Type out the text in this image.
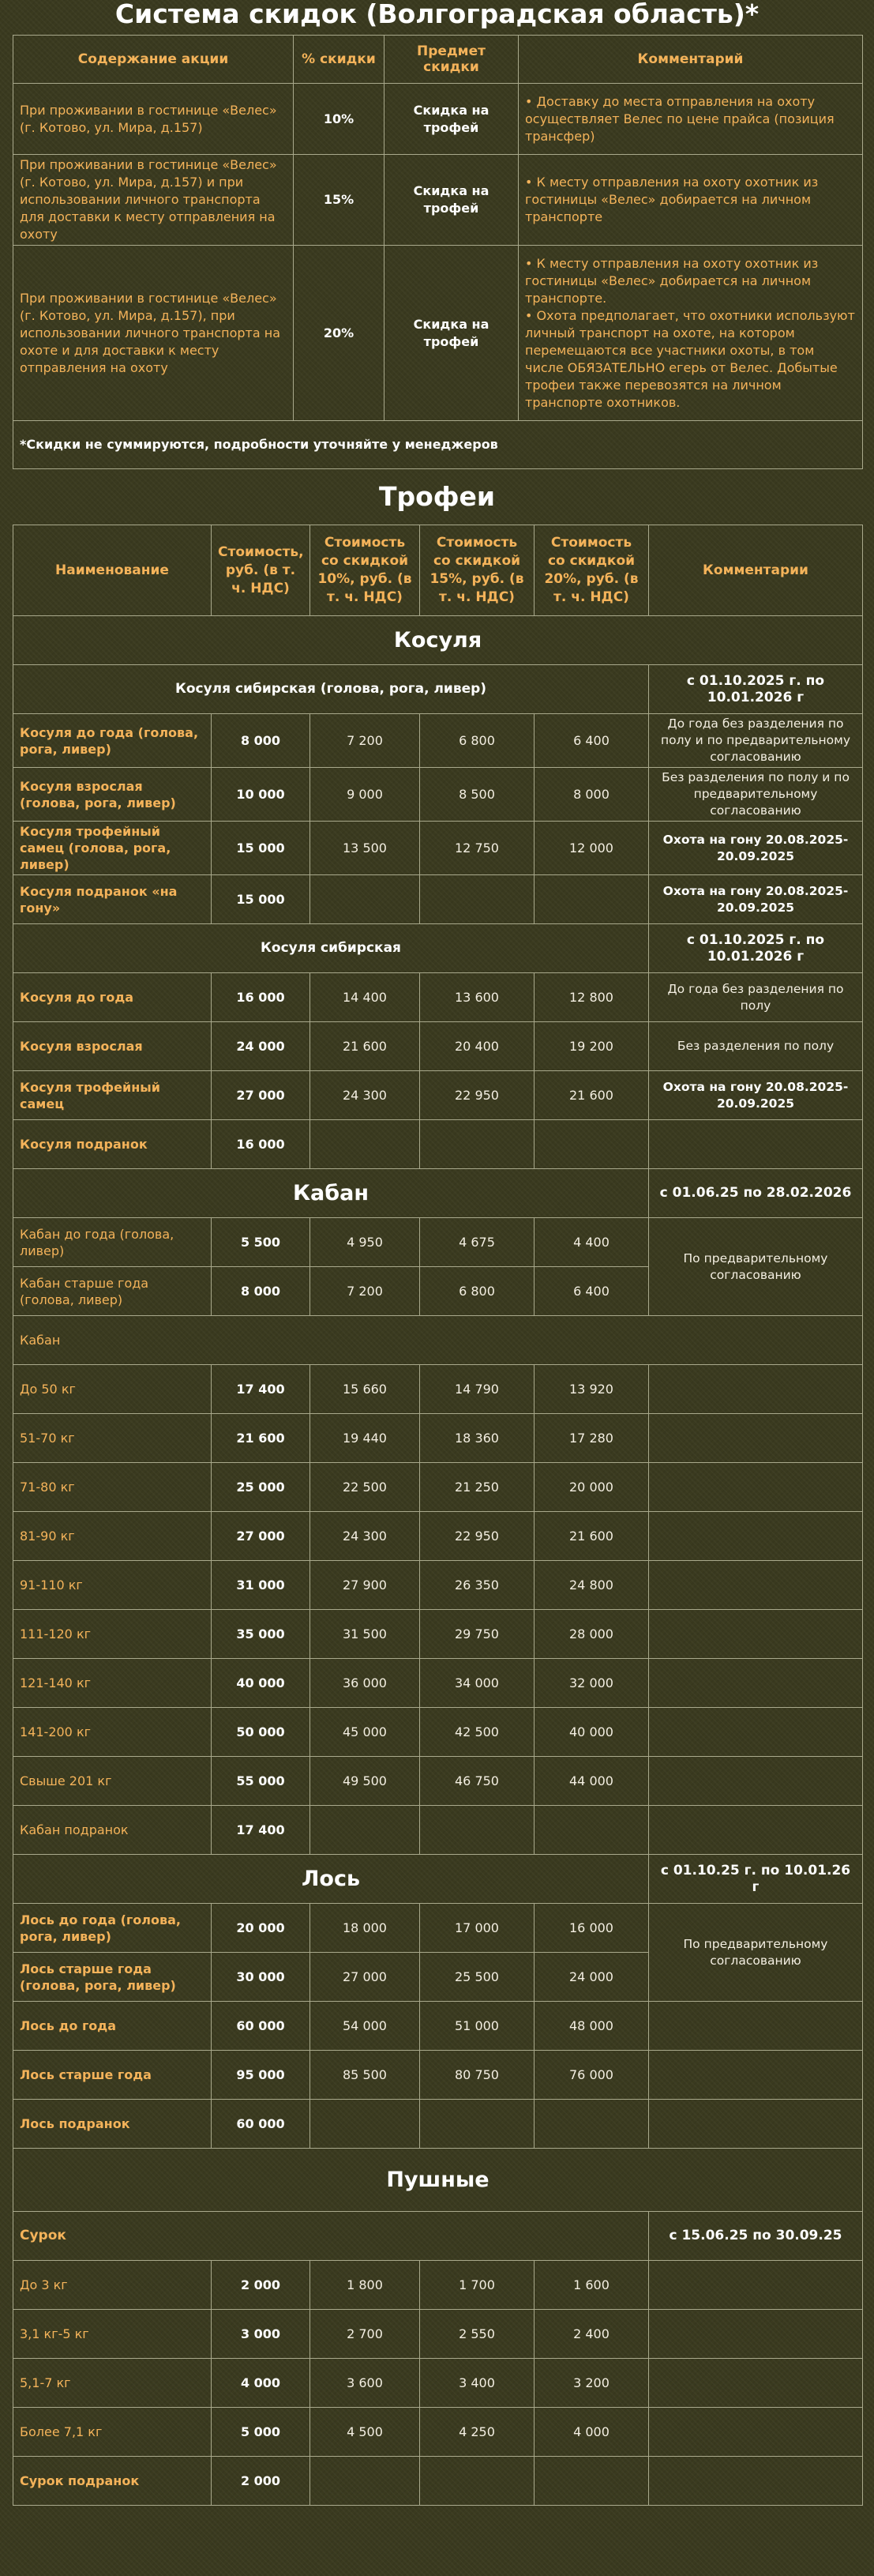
Система скидок (Волгоградская область)*
Содержание акции	% скидки	Предмет скидки	Комментарий
При проживании в гостинице «Велес» (г. Котово, ул. Мира, д.157)	10%	Скидка на трофей	• Доставку до места отправления на охоту осуществляет Велес по цене прайса (позиция трансфер)
При проживании в гостинице «Велес» (г. Котово, ул. Мира, д.157) и при использовании личного транспорта для доставки к месту отправления на охоту	15%	Скидка на трофей	• К месту отправления на охоту охотник из гостиницы «Велес» добирается на личном транспорте
При проживании в гостинице «Велес» (г. Котово, ул. Мира, д.157), при использовании личного транспорта на охоте и для доставки к месту отправления на охоту	20%	Скидка на трофей	• К месту отправления на охоту охотник из гостиницы «Велес» добирается на личном транспорте.
• Охота предполагает, что охотники используют личный транспорт на охоте, на котором перемещаются все участники охоты, в том числе ОБЯЗАТЕЛЬНО егерь от Велес. Добытые трофеи также перевозятся на личном транспорте охотников.
*Скидки не суммируются, подробности уточняйте у менеджеров			
Трофеи
Наименование	Стоимость, руб. (в т. ч. НДС)	Стоимость со скидкой 10%, руб. (в т. ч. НДС)	Стоимость со скидкой 15%, руб. (в т. ч. НДС)	Стоимость со скидкой 20%, руб. (в т. ч. НДС)	Комментарии
Косуля					
Косуля сибирская (голова, рога, ливер)					с 01.10.2025 г. по 10.01.2026 г
Косуля до года (голова, рога, ливер)	8 000	7 200	6 800	6 400	До года без разделения по полу и по предварительному согласованию
Косуля взрослая (голова, рога, ливер)	10 000	9 000	8 500	8 000	Без разделения по полу и по предварительному согласованию
Косуля трофейный самец (голова, рога, ливер)	15 000	13 500	12 750	12 000	Охота на гону 20.08.2025-20.09.2025
Косуля подранок «на гону»	15 000				Охота на гону 20.08.2025-20.09.2025
Косуля сибирская					с 01.10.2025 г. по 10.01.2026 г
Косуля до года	16 000	14 400	13 600	12 800	До года без разделения по полу
Косуля взрослая	24 000	21 600	20 400	19 200	Без разделения по полу
Косуля трофейный самец	27 000	24 300	22 950	21 600	Охота на гону 20.08.2025-20.09.2025
Косуля подранок	16 000				
Кабан					с 01.06.25 по 28.02.2026
Кабан до года (голова, ливер)	5 500	4 950	4 675	4 400	По предварительному согласованию
Кабан старше года (голова, ливер)	8 000	7 200	6 800	6 400	
Кабан					
До 50 кг	17 400	15 660	14 790	13 920	
51-70 кг	21 600	19 440	18 360	17 280	
71-80 кг	25 000	22 500	21 250	20 000	
81-90 кг	27 000	24 300	22 950	21 600	
91-110 кг	31 000	27 900	26 350	24 800	
111-120 кг	35 000	31 500	29 750	28 000	
121-140 кг	40 000	36 000	34 000	32 000	
141-200 кг	50 000	45 000	42 500	40 000	
Свыше 201 кг	55 000	49 500	46 750	44 000	
Кабан подранок	17 400				
Лось					с 01.10.25 г. по 10.01.26 г
Лось до года (голова, рога, ливер)	20 000	18 000	17 000	16 000	По предварительному согласованию
Лось старше года (голова, рога, ливер)	30 000	27 000	25 500	24 000	
Лось до года	60 000	54 000	51 000	48 000	
Лось старше года	95 000	85 500	80 750	76 000	
Лось подранок	60 000				
Пушные					
Сурок					с 15.06.25 по 30.09.25
До 3 кг	2 000	1 800	1 700	1 600	
3,1 кг-5 кг	3 000	2 700	2 550	2 400	
5,1-7 кг	4 000	3 600	3 400	3 200	
Более 7,1 кг	5 000	4 500	4 250	4 000	
Сурок подранок	2 000				
